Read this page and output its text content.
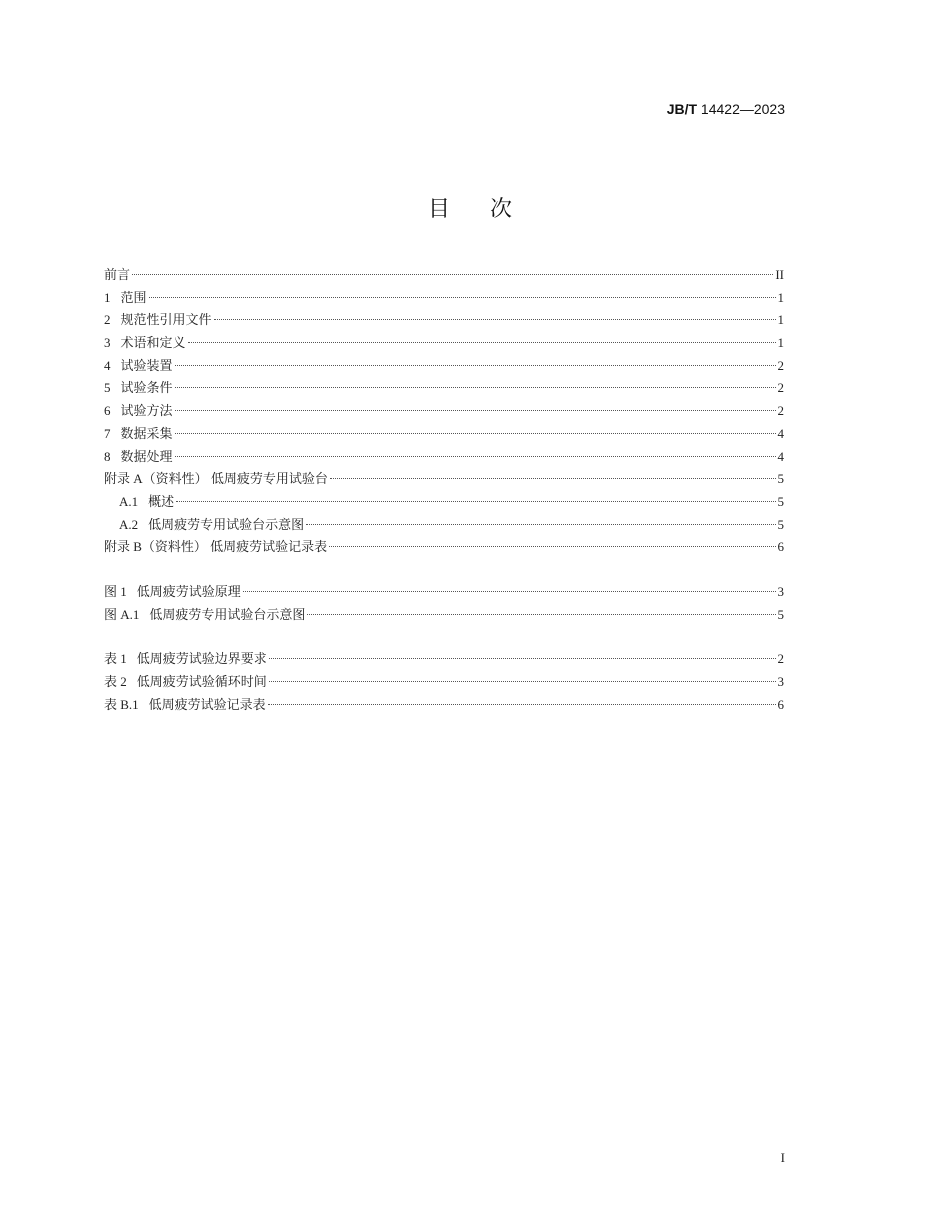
JB/T 14422—2023
目次
前言	II
1 范围	1
2 规范性引用文件	1
3 术语和定义	1
4 试验装置	2
5 试验条件	2
6 试验方法	2
7 数据采集	4
8 数据处理	4
附录 A（资料性） 低周疲劳专用试验台	5
A.1 概述	5
A.2 低周疲劳专用试验台示意图	5
附录 B（资料性） 低周疲劳试验记录表	6
图 1 低周疲劳试验原理	3
图 A.1 低周疲劳专用试验台示意图	5
表 1 低周疲劳试验边界要求	2
表 2 低周疲劳试验循环时间	3
表 B.1 低周疲劳试验记录表	6
I
